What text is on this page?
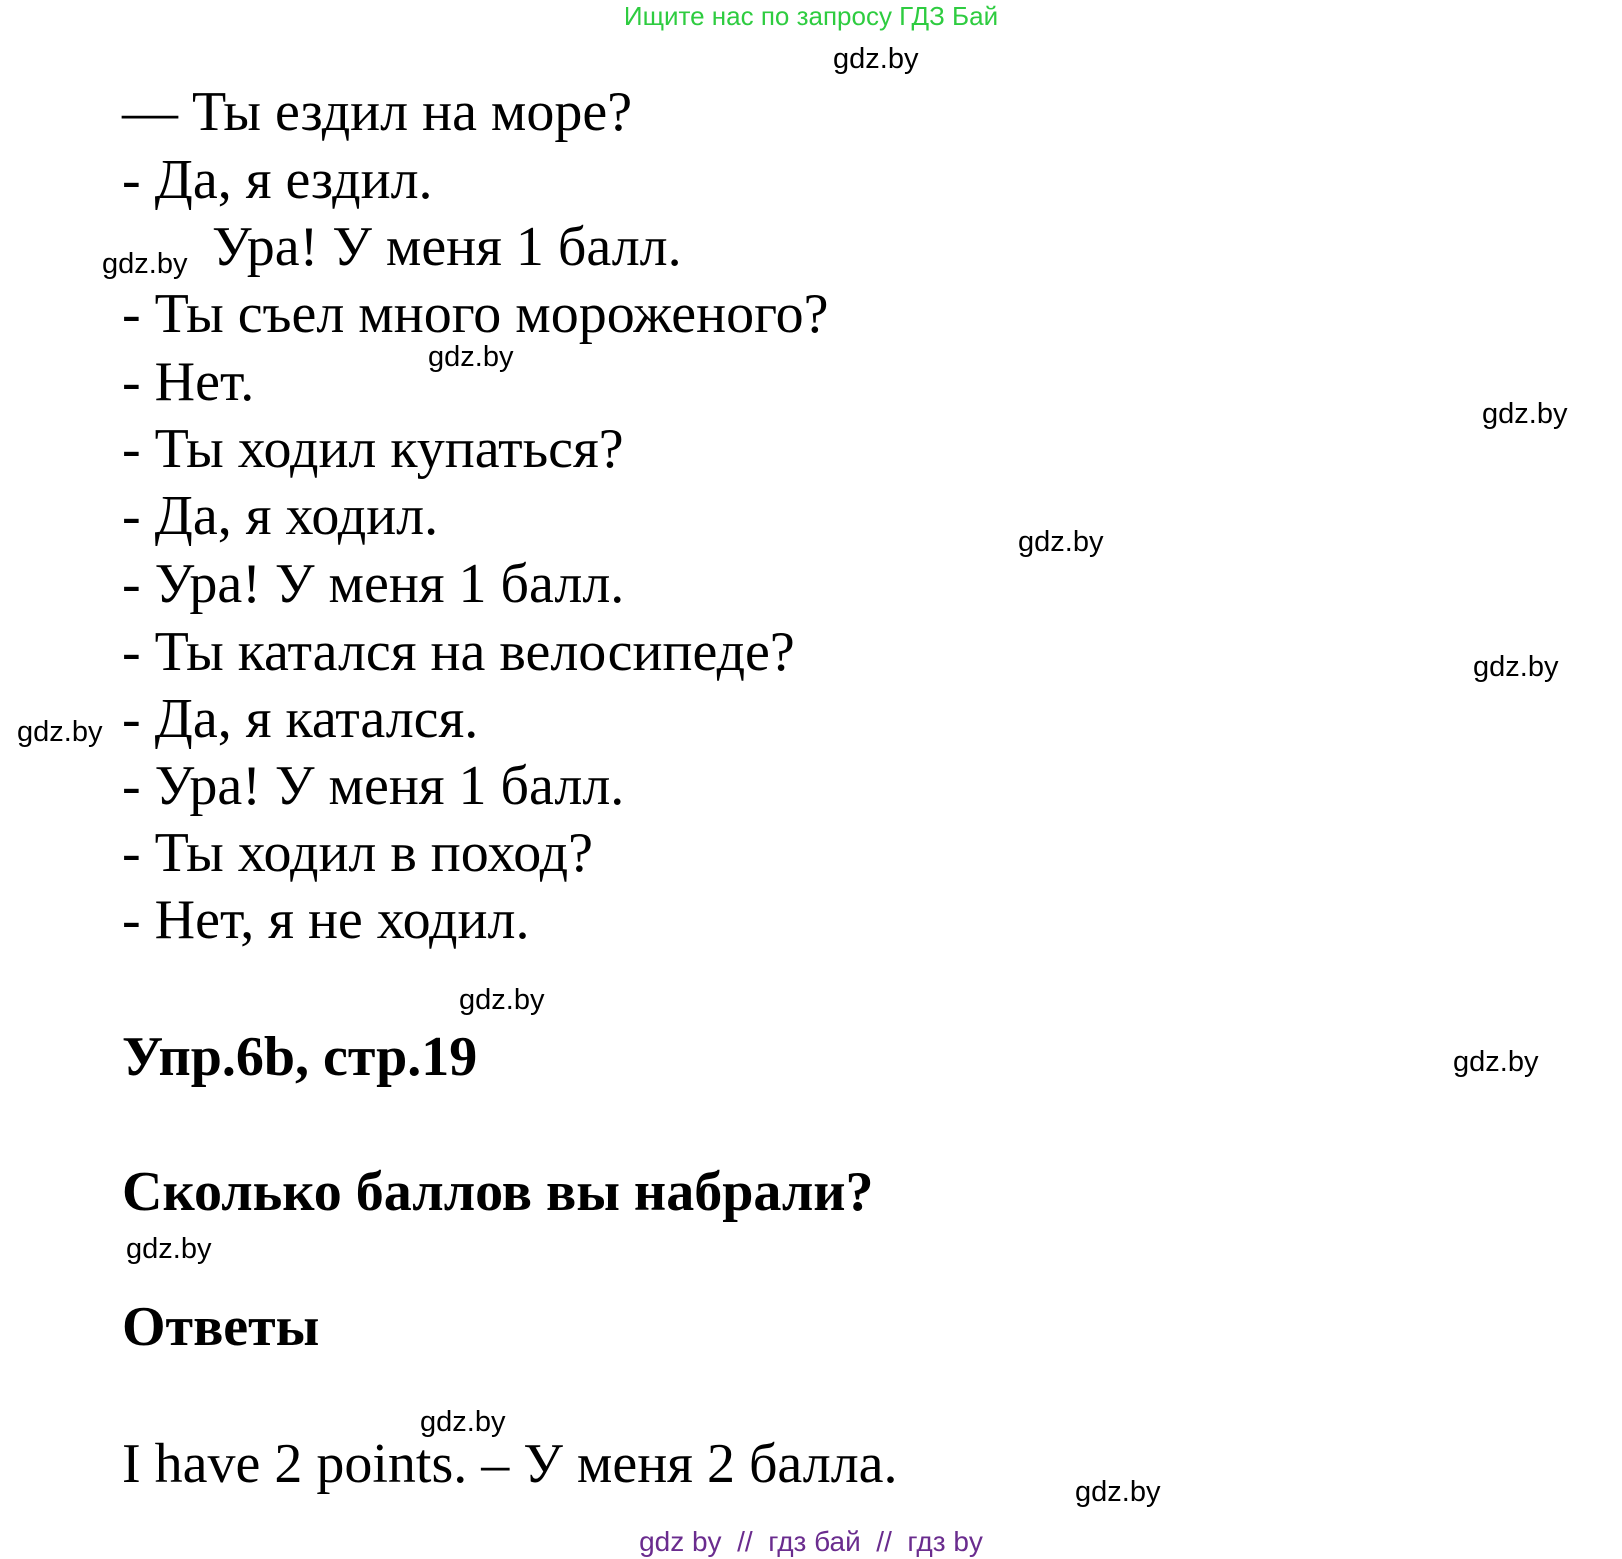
Ищите нас по запросу ГДЗ Бай
— Ты ездил на море?
- Да, я ездил.
Ура! У меня 1 балл.
- Ты съел много мороженого?
- Нет.
- Ты ходил купаться?
- Да, я ходил.
- Ура! У меня 1 балл.
- Ты катался на велосипеде?
- Да, я катался.
- Ура! У меня 1 балл.
- Ты ходил в поход?
- Нет, я не ходил.
Упр.6b, стр.19
Сколько баллов вы набрали?
Ответы
I have 2 points. – У меня 2 балла.
gdz.by
gdz.by
gdz.by
gdz.by
gdz.by
gdz.by
gdz.by
gdz.by
gdz.by
gdz.by
gdz.by
gdz.by
gdz by  //  гдз бай  //  гдз by
